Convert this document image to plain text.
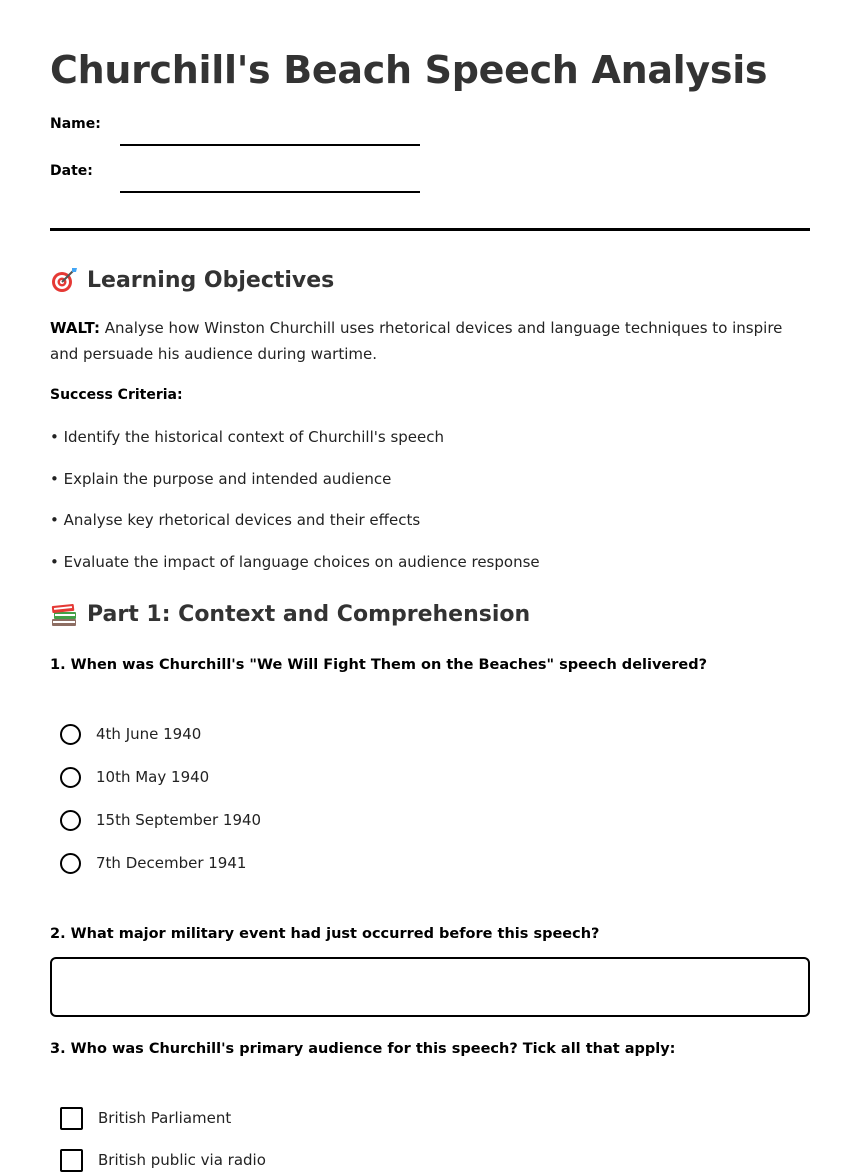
Churchill's Beach Speech Analysis
Name:
Date:
Learning Objectives
WALT: Analyse how Winston Churchill uses rhetorical devices and language techniques to inspire and persuade his audience during wartime.
Success Criteria:
• Identify the historical context of Churchill's speech
• Explain the purpose and intended audience
• Analyse key rhetorical devices and their effects
• Evaluate the impact of language choices on audience response
Part 1: Context and Comprehension
1. When was Churchill's "We Will Fight Them on the Beaches" speech delivered?
4th June 1940
10th May 1940
15th September 1940
7th December 1941
2. What major military event had just occurred before this speech?
3. Who was Churchill's primary audience for this speech? Tick all that apply:
British Parliament
British public via radio
